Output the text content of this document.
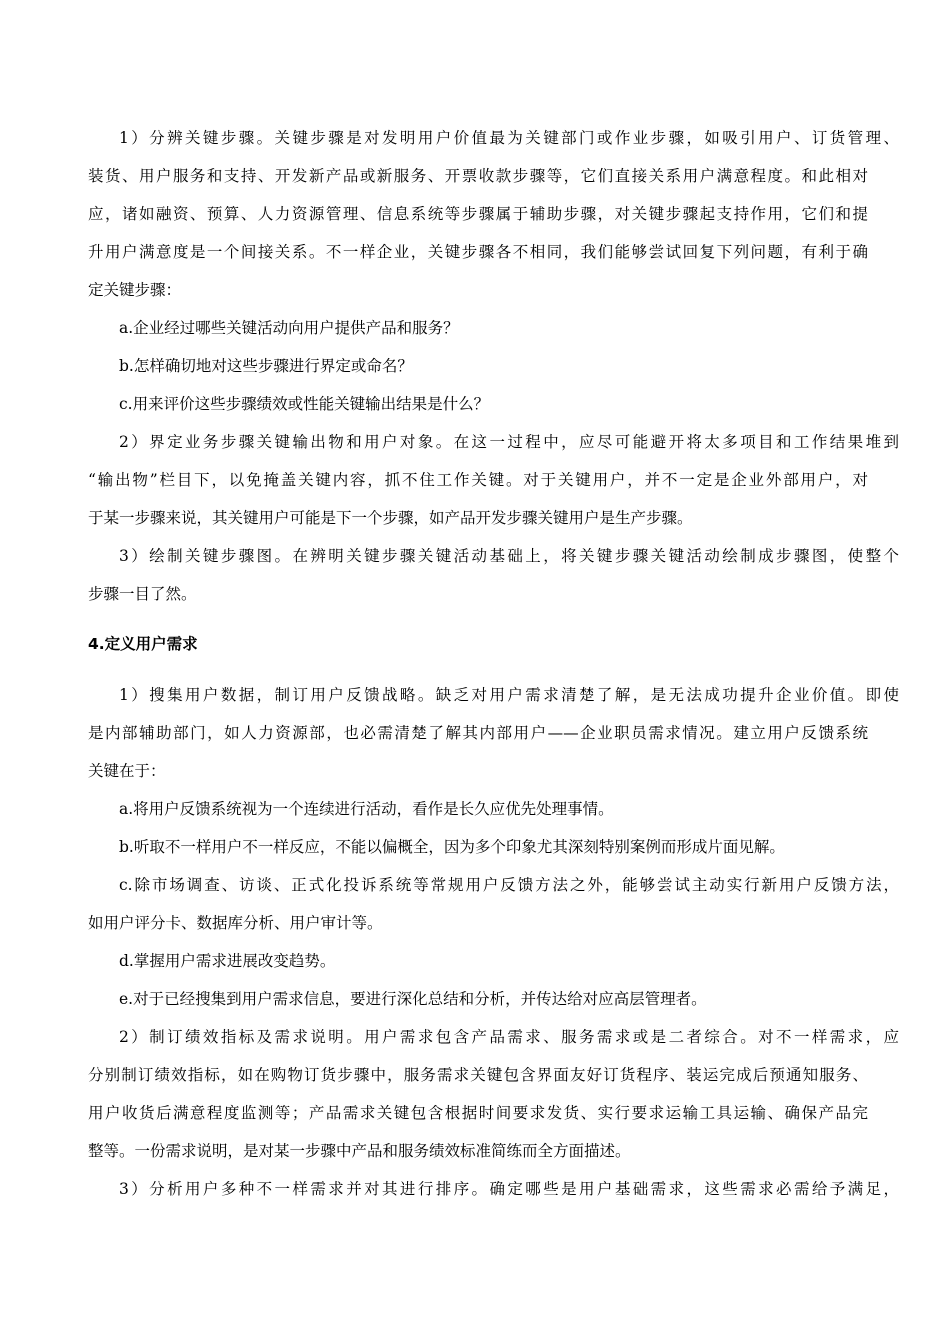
1）分辨关键步骤。关键步骤是对发明用户价值最为关键部门或作业步骤，如吸引用户、订货管理、
装货、用户服务和支持、开发新产品或新服务、开票收款步骤等，它们直接关系用户满意程度。和此相对
应，诸如融资、预算、人力资源管理、信息系统等步骤属于辅助步骤，对关键步骤起支持作用，它们和提
升用户满意度是一个间接关系。不一样企业，关键步骤各不相同，我们能够尝试回复下列问题，有利于确
定关键步骤：
a.企业经过哪些关键活动向用户提供产品和服务？
b.怎样确切地对这些步骤进行界定或命名？
c.用来评价这些步骤绩效或性能关键输出结果是什么？
2）界定业务步骤关键输出物和用户对象。在这一过程中，应尽可能避开将太多项目和工作结果堆到
“输出物”栏目下，以免掩盖关键内容，抓不住工作关键。对于关键用户，并不一定是企业外部用户，对
于某一步骤来说，其关键用户可能是下一个步骤，如产品开发步骤关键用户是生产步骤。
3）绘制关键步骤图。在辨明关键步骤关键活动基础上，将关键步骤关键活动绘制成步骤图，使整个
步骤一目了然。
4.定义用户需求
1）搜集用户数据，制订用户反馈战略。缺乏对用户需求清楚了解，是无法成功提升企业价值。即使
是内部辅助部门，如人力资源部，也必需清楚了解其内部用户——企业职员需求情况。建立用户反馈系统
关键在于：
a.将用户反馈系统视为一个连续进行活动，看作是长久应优先处理事情。
b.听取不一样用户不一样反应，不能以偏概全，因为多个印象尤其深刻特别案例而形成片面见解。
c.除市场调查、访谈、正式化投诉系统等常规用户反馈方法之外，能够尝试主动实行新用户反馈方法，
如用户评分卡、数据库分析、用户审计等。
d.掌握用户需求进展改变趋势。
e.对于已经搜集到用户需求信息，要进行深化总结和分析，并传达给对应高层管理者。
2）制订绩效指标及需求说明。用户需求包含产品需求、服务需求或是二者综合。对不一样需求，应
分别制订绩效指标，如在购物订货步骤中，服务需求关键包含界面友好订货程序、装运完成后预通知服务、
用户收货后满意程度监测等；产品需求关键包含根据时间要求发货、实行要求运输工具运输、确保产品完
整等。一份需求说明，是对某一步骤中产品和服务绩效标准简练而全方面描述。
3）分析用户多种不一样需求并对其进行排序。确定哪些是用户基础需求，这些需求必需给予满足，
